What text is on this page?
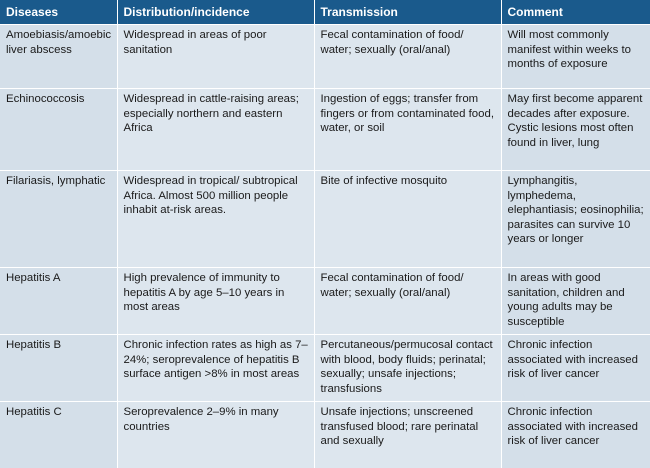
Diseases	Distribution/incidence	Transmission	Comment
Amoebiasis/amoebic liver abscess	Widespread in areas of poor sanitation	Fecal contamination of food/ water; sexually (oral/anal)	Will most commonly manifest within weeks to months of exposure
Echinococcosis	Widespread in cattle-raising areas; especially northern and eastern Africa	Ingestion of eggs; transfer from fingers or from contaminated food, water, or soil	May first become apparent decades after exposure. Cystic lesions most often found in liver, lung
Filariasis, lymphatic	Widespread in tropical/ subtropical Africa. Almost 500 million people inhabit at-risk areas.	Bite of infective mosquito	Lymphangitis, lymphedema, elephantiasis; eosinophilia; parasites can survive 10 years or longer
Hepatitis A	High prevalence of immunity to hepatitis A by age 5–10 years in most areas	Fecal contamination of food/ water; sexually (oral/anal)	In areas with good sanitation, children and young adults may be susceptible
Hepatitis B	Chronic infection rates as high as 7–24%; seroprevalence of hepatitis B surface antigen >8% in most areas	Percutaneous/permucosal contact with blood, body fluids; perinatal; sexually; unsafe injections; transfusions	Chronic infection associated with increased risk of liver cancer
Hepatitis C	Seroprevalence 2–9% in many countries	Unsafe injections; unscreened transfused blood; rare perinatal and sexually	Chronic infection associated with increased risk of liver cancer
